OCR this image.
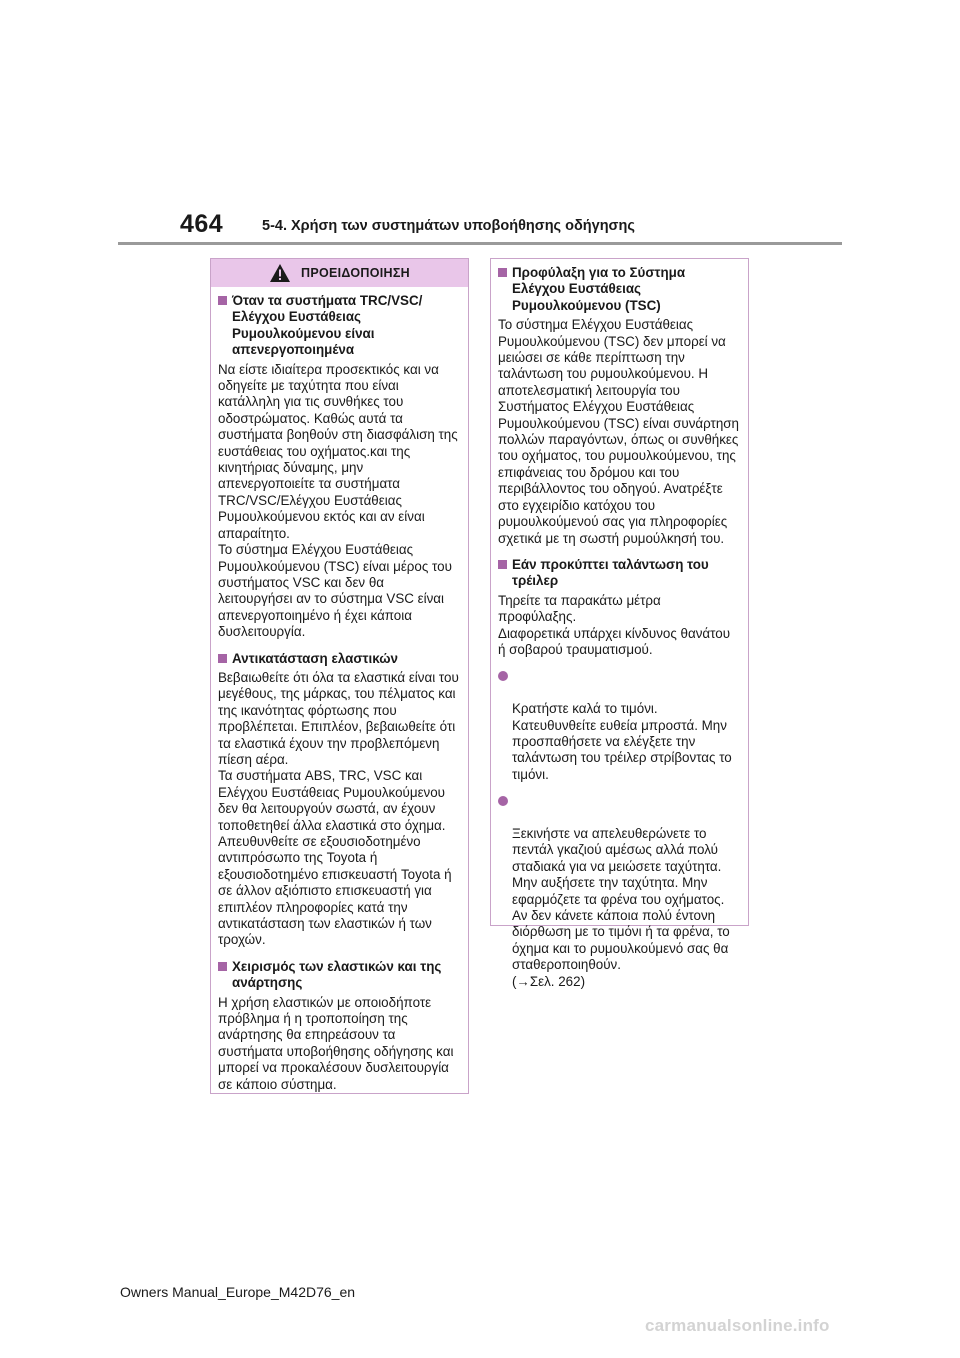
464	5-4. Χρήση των συστημάτων υποβοήθησης οδήγησης
ΠΡΟΕΙΔΟΠΟΙΗΣΗ
Όταν τα συστήματα TRC/VSC/Ελέγχου Ευστάθειας Ρυμουλκούμενου είναι απενεργοποιημένα
Να είστε ιδιαίτερα προσεκτικός και να οδηγείτε με ταχύτητα που είναι κατάλληλη για τις συνθήκες του οδοστρώματος. Καθώς αυτά τα συστήματα βοηθούν στη διασφάλιση της ευστάθειας του οχήματος.και της κινητήριας δύναμης, μην απενεργοποιείτε τα συστήματα TRC/VSC/Ελέγχου Ευστάθειας Ρυμουλκούμενου εκτός και αν είναι απαραίτητο.
Το σύστημα Ελέγχου Ευστάθειας Ρυμουλκούμενου (TSC) είναι μέρος του συστήματος VSC και δεν θα λειτουργήσει αν το σύστημα VSC είναι απενεργοποιημένο ή έχει κάποια δυσλειτουργία.
Αντικατάσταση ελαστικών
Βεβαιωθείτε ότι όλα τα ελαστικά είναι του μεγέθους, της μάρκας, του πέλματος και της ικανότητας φόρτωσης που προβλέπεται. Επιπλέον, βεβαιωθείτε ότι τα ελαστικά έχουν την προβλεπόμενη πίεση αέρα.
Τα συστήματα ABS, TRC, VSC και Ελέγχου Ευστάθειας Ρυμουλκούμενου δεν θα λειτουργούν σωστά, αν έχουν τοποθετηθεί άλλα ελαστικά στο όχημα.
Απευθυνθείτε σε εξουσιοδοτημένο αντιπρόσωπο της Toyota ή εξουσιοδοτημένο επισκευαστή Toyota ή σε άλλον αξιόπιστο επισκευαστή για επιπλέον πληροφορίες κατά την αντικατάσταση των ελαστικών ή των τροχών.
Χειρισμός των ελαστικών και της ανάρτησης
Η χρήση ελαστικών με οποιοδήποτε πρόβλημα ή η τροποποίηση της ανάρτησης θα επηρεάσουν τα συστήματα υποβοήθησης οδήγησης και μπορεί να προκαλέσουν δυσλειτουργία σε κάποιο σύστημα.
Προφύλαξη για το Σύστημα Ελέγχου Ευστάθειας Ρυμουλκούμενου (TSC)
Το σύστημα Ελέγχου Ευστάθειας Ρυμουλκούμενου (TSC) δεν μπορεί να μειώσει σε κάθε περίπτωση την ταλάντωση του ρυμουλκούμενου. Η αποτελεσματική λειτουργία του Συστήματος Ελέγχου Ευστάθειας Ρυμουλκούμενου (TSC) είναι συνάρτηση πολλών παραγόντων, όπως οι συνθήκες του οχήματος, του ρυμουλκούμενου, της επιφάνειας του δρόμου και του περιβάλλοντος του οδηγού. Ανατρέξτε στο εγχειρίδιο κατόχου του ρυμουλκούμενού σας για πληροφορίες σχετικά με τη σωστή ρυμούλκησή του.
Εάν προκύπτει ταλάντωση του τρέιλερ
Τηρείτε τα παρακάτω μέτρα προφύλαξης.
Διαφορετικά υπάρχει κίνδυνος θανάτου ή σοβαρού τραυματισμού.

Κρατήστε καλά το τιμόνι. Κατευθυνθείτε ευθεία μπροστά. Μην προσπαθήσετε να ελέγξετε την ταλάντωση του τρέιλερ στρίβοντας το τιμόνι.

Ξεκινήστε να απελευθερώνετε το πεντάλ γκαζιού αμέσως αλλά πολύ σταδιακά για να μειώσετε ταχύτητα. Μην αυξήσετε την ταχύτητα. Μην εφαρμόζετε τα φρένα του οχήματος. Αν δεν κάνετε κάποια πολύ έντονη διόρθωση με το τιμόνι ή τα φρένα, το όχημα και το ρυμουλκούμενό σας θα σταθεροποιηθούν.
(→Σελ. 262)

Owners Manual_Europe_M42D76_en
carmanualsonline.info
